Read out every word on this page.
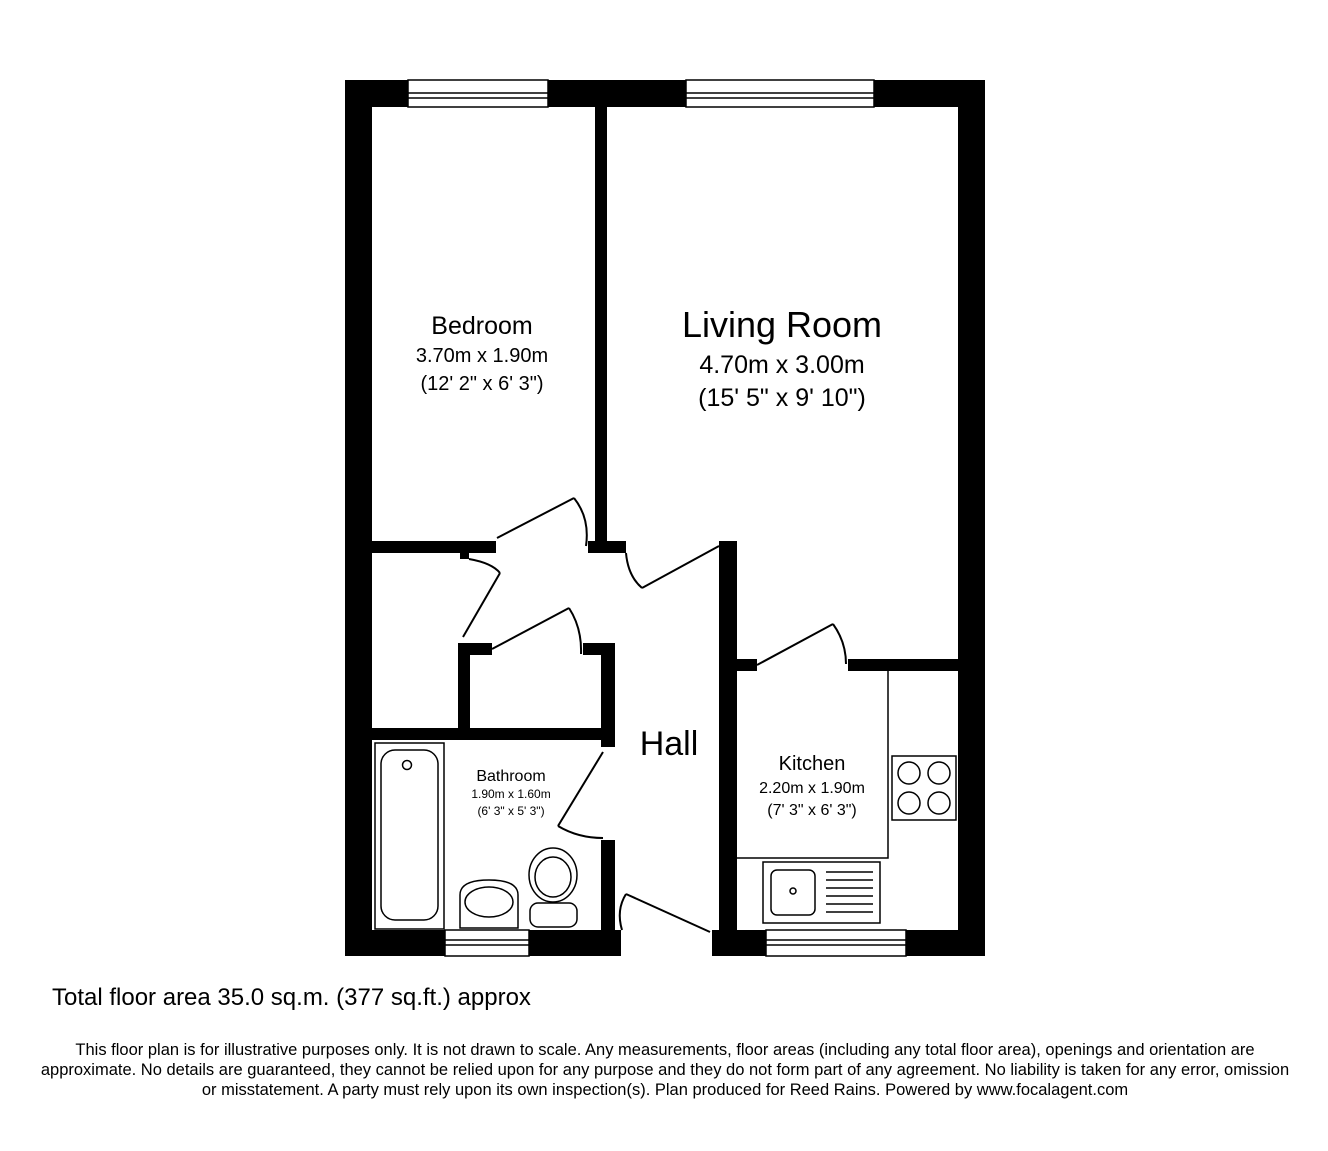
Bedroom
3.70m x 1.90m
(12' 2" x 6' 3")
Living Room
4.70m x 3.00m
(15' 5" x 9' 10")
Hall
Bathroom
1.90m x 1.60m
(6' 3" x 5' 3")
Kitchen
2.20m x 1.90m
(7' 3" x 6' 3")
Total floor area 35.0 sq.m. (377 sq.ft.) approx
This floor plan is for illustrative purposes only. It is not drawn to scale. Any measurements, floor areas (including any total floor area), openings and orientation are approximate. No details are guaranteed, they cannot be relied upon for any purpose and they do not form part of any agreement. No liability is taken for any error, omission or misstatement. A party must rely upon its own inspection(s). Plan produced for Reed Rains. Powered by www.focalagent.com
